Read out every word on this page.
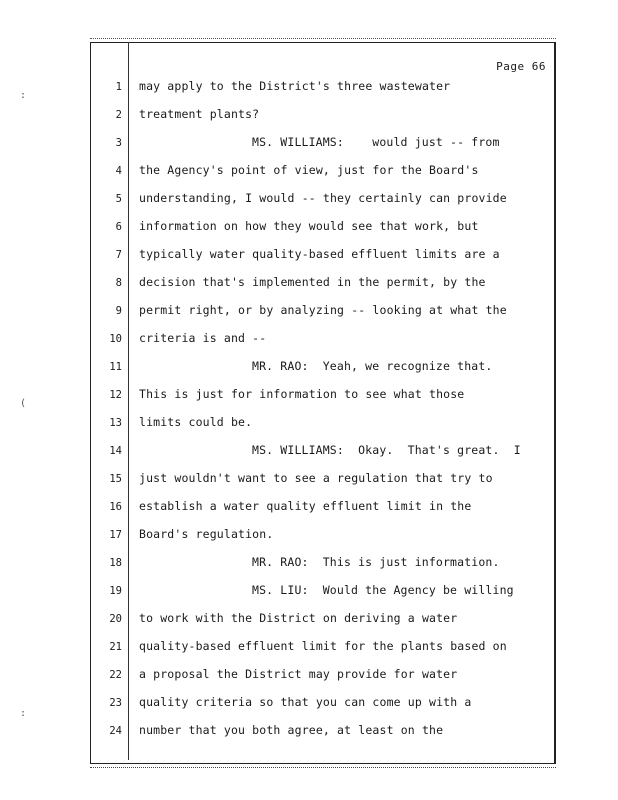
Page 66
1 may apply to the District's three wastewater
2 treatment plants?
3	MS. WILLIAMS:    would just -- from
4 the Agency's point of view, just for the Board's
5 understanding, I would -- they certainly can provide
6 information on how they would see that work, but
7 typically water quality-based effluent limits are a
8 decision that's implemented in the permit, by the
9 permit right, or by analyzing -- looking at what the
10 criteria is and --
11	MR. RAO:  Yeah, we recognize that.
12 This is just for information to see what those
13 limits could be.
14	MS. WILLIAMS:  Okay.  That's great.  I
15 just wouldn't want to see a regulation that try to
16 establish a water quality effluent limit in the
17 Board's regulation.
18	MR. RAO:  This is just information.
19	MS. LIU:  Would the Agency be willing
20 to work with the District on deriving a water
21 quality-based effluent limit for the plants based on
22 a proposal the District may provide for water
23 quality criteria so that you can come up with a
24 number that you both agree, at least on the
:
(
:
